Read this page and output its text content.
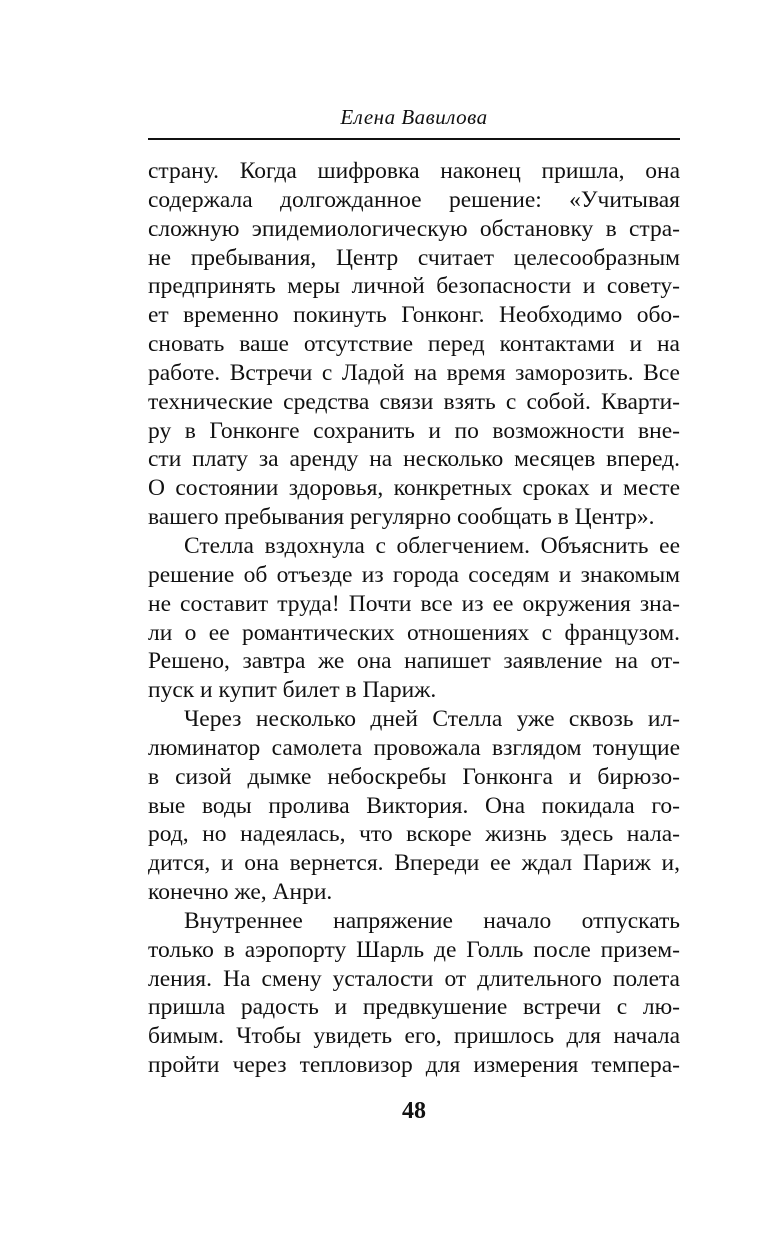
Елена Вавилова
страну. Когда шифровка наконец пришла, она
содержала долгожданное решение: «Учитывая
сложную эпидемиологическую обстановку в стра-
не пребывания, Центр считает целесообразным
предпринять меры личной безопасности и совету-
ет временно покинуть Гонконг. Необходимо обо-
сновать ваше отсутствие перед контактами и на
работе. Встречи с Ладой на время заморозить. Все
технические средства связи взять с собой. Кварти-
ру в Гонконге сохранить и по возможности вне-
сти плату за аренду на несколько месяцев вперед.
О состоянии здоровья, конкретных сроках и месте
вашего пребывания регулярно сообщать в Центр».
Стелла вздохнула с облегчением. Объяснить ее
решение об отъезде из города соседям и знакомым
не составит труда! Почти все из ее окружения зна-
ли о ее романтических отношениях с французом.
Решено, завтра же она напишет заявление на от-
пуск и купит билет в Париж.
Через несколько дней Стелла уже сквозь ил-
люминатор самолета провожала взглядом тонущие
в сизой дымке небоскребы Гонконга и бирюзо-
вые воды пролива Виктория. Она покидала го-
род, но надеялась, что вскоре жизнь здесь нала-
дится, и она вернется. Впереди ее ждал Париж и,
конечно же, Анри.
Внутреннее напряжение начало отпускать
только в аэропорту Шарль де Голль после призем-
ления. На смену усталости от длительного полета
пришла радость и предвкушение встречи с лю-
бимым. Чтобы увидеть его, пришлось для начала
пройти через тепловизор для измерения темпера-
48
